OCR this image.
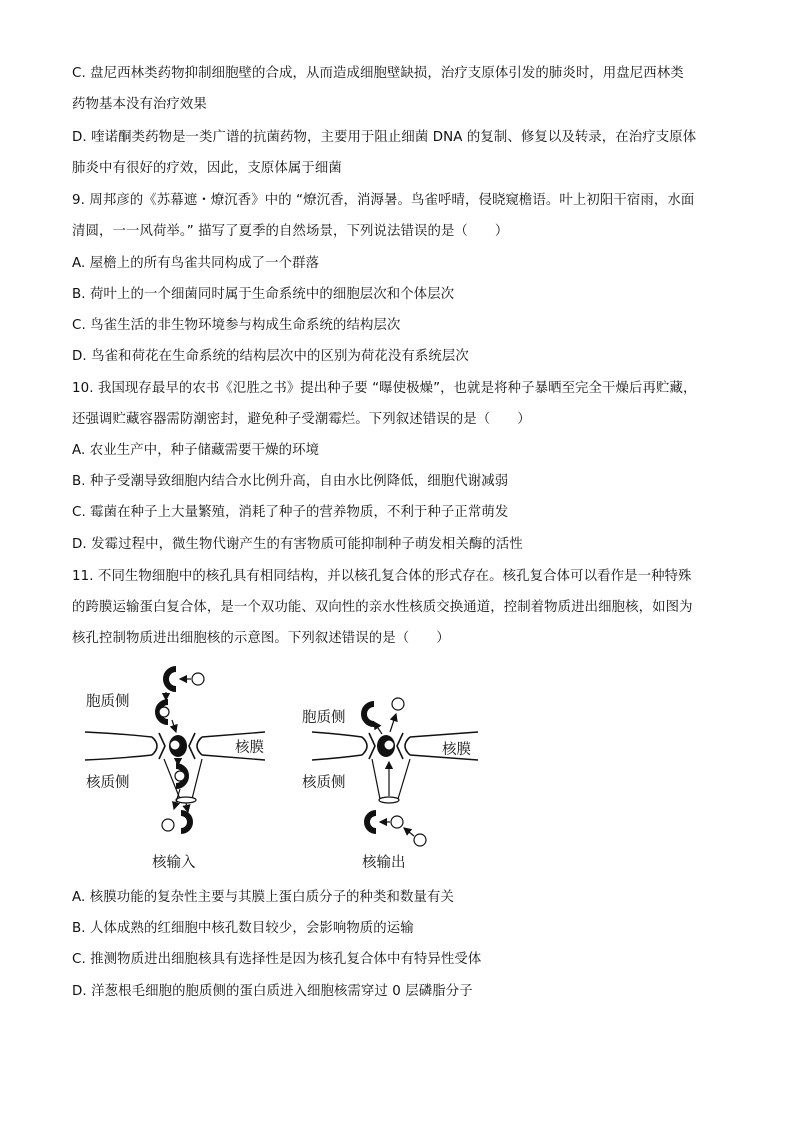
C. 盘尼西林类药物抑制细胞壁的合成，从而造成细胞壁缺损，治疗支原体引发的肺炎时，用盘尼西林类
药物基本没有治疗效果
D. 喹诺酮类药物是一类广谱的抗菌药物，主要用于阻止细菌 DNA 的复制、修复以及转录，在治疗支原体
肺炎中有很好的疗效，因此，支原体属于细菌
9. 周邦彦的《苏幕遮・燎沉香》中的 “燎沉香，消溽暑。鸟雀呼晴，侵晓窥檐语。叶上初阳干宿雨，水面
清圆，一一风荷举。” 描写了夏季的自然场景，下列说法错误的是（　　）
A. 屋檐上的所有鸟雀共同构成了一个群落
B. 荷叶上的一个细菌同时属于生命系统中的细胞层次和个体层次
C. 鸟雀生活的非生物环境参与构成生命系统的结构层次
D. 鸟雀和荷花在生命系统的结构层次中的区别为荷花没有系统层次
10. 我国现存最早的农书《氾胜之书》提出种子要 “曝使极燥”，也就是将种子暴晒至完全干燥后再贮藏，
还强调贮藏容器需防潮密封，避免种子受潮霉烂。下列叙述错误的是（　　）
A. 农业生产中，种子储藏需要干燥的环境
B. 种子受潮导致细胞内结合水比例升高，自由水比例降低，细胞代谢减弱
C. 霉菌在种子上大量繁殖，消耗了种子的营养物质，不利于种子正常萌发
D. 发霉过程中，微生物代谢产生的有害物质可能抑制种子萌发相关酶的活性
11. 不同生物细胞中的核孔具有相同结构，并以核孔复合体的形式存在。核孔复合体可以看作是一种特殊
的跨膜运输蛋白复合体，是一个双功能、双向性的亲水性核质交换通道，控制着物质进出细胞核，如图为
核孔控制物质进出细胞核的示意图。下列叙述错误的是（　　）
胞质侧
核膜
核质侧
核输入
胞质侧
核膜
核质侧
核输出
A. 核膜功能的复杂性主要与其膜上蛋白质分子的种类和数量有关
B. 人体成熟的红细胞中核孔数目较少，会影响物质的运输
C. 推测物质进出细胞核具有选择性是因为核孔复合体中有特异性受体
D. 洋葱根毛细胞的胞质侧的蛋白质进入细胞核需穿过 0 层磷脂分子
